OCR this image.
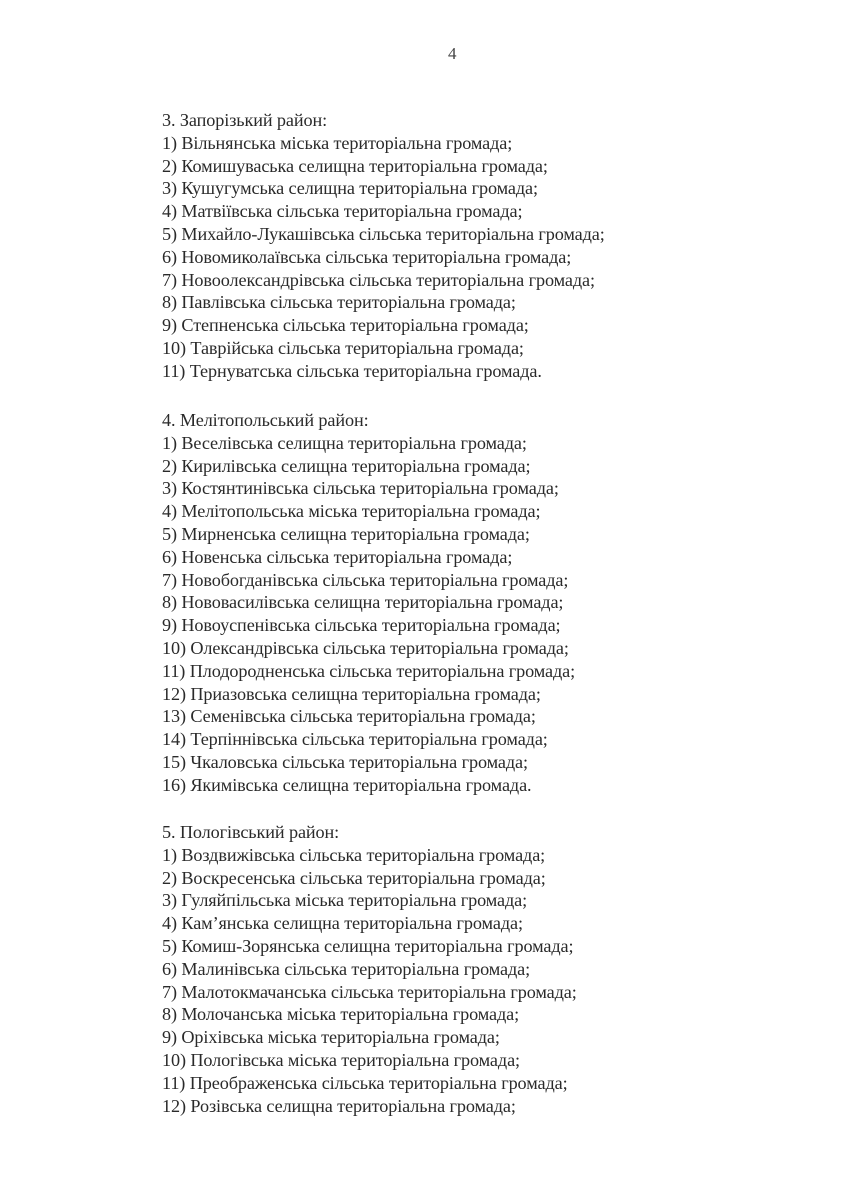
4
3. Запорізький район:
1) Вільнянська міська територіальна громада;
2) Комишуваська селищна територіальна громада;
3) Кушугумська селищна територіальна громада;
4) Матвіївська сільська територіальна громада;
5) Михайло-Лукашівська сільська територіальна громада;
6) Новомиколаївська сільська територіальна громада;
7) Новоолександрівська сільська територіальна громада;
8) Павлівська сільська територіальна громада;
9) Степненська сільська територіальна громада;
10) Таврійська сільська територіальна громада;
11) Тернуватська сільська територіальна громада.
4. Мелітопольський район:
1) Веселівська селищна територіальна громада;
2) Кирилівська селищна територіальна громада;
3) Костянтинівська сільська територіальна громада;
4) Мелітопольська міська територіальна громада;
5) Мирненська селищна територіальна громада;
6) Новенська сільська територіальна громада;
7) Новобогданівська сільська територіальна громада;
8) Нововасилівська селищна територіальна громада;
9) Новоуспенівська сільська територіальна громада;
10) Олександрівська сільська територіальна громада;
11) Плодородненська сільська територіальна громада;
12) Приазовська селищна територіальна громада;
13) Семенівська сільська територіальна громада;
14) Терпіннівська сільська територіальна громада;
15) Чкаловська сільська територіальна громада;
16) Якимівська селищна територіальна громада.
5. Пологівський район:
1) Воздвижівська сільська територіальна громада;
2) Воскресенська сільська територіальна громада;
3) Гуляйпільська міська територіальна громада;
4) Кам’янська селищна територіальна громада;
5) Комиш-Зорянська селищна територіальна громада;
6) Малинівська сільська територіальна громада;
7) Малотокмачанська сільська територіальна громада;
8) Молочанська міська територіальна громада;
9) Оріхівська міська територіальна громада;
10) Пологівська міська територіальна громада;
11) Преображенська сільська територіальна громада;
12) Розівська селищна територіальна громада;
